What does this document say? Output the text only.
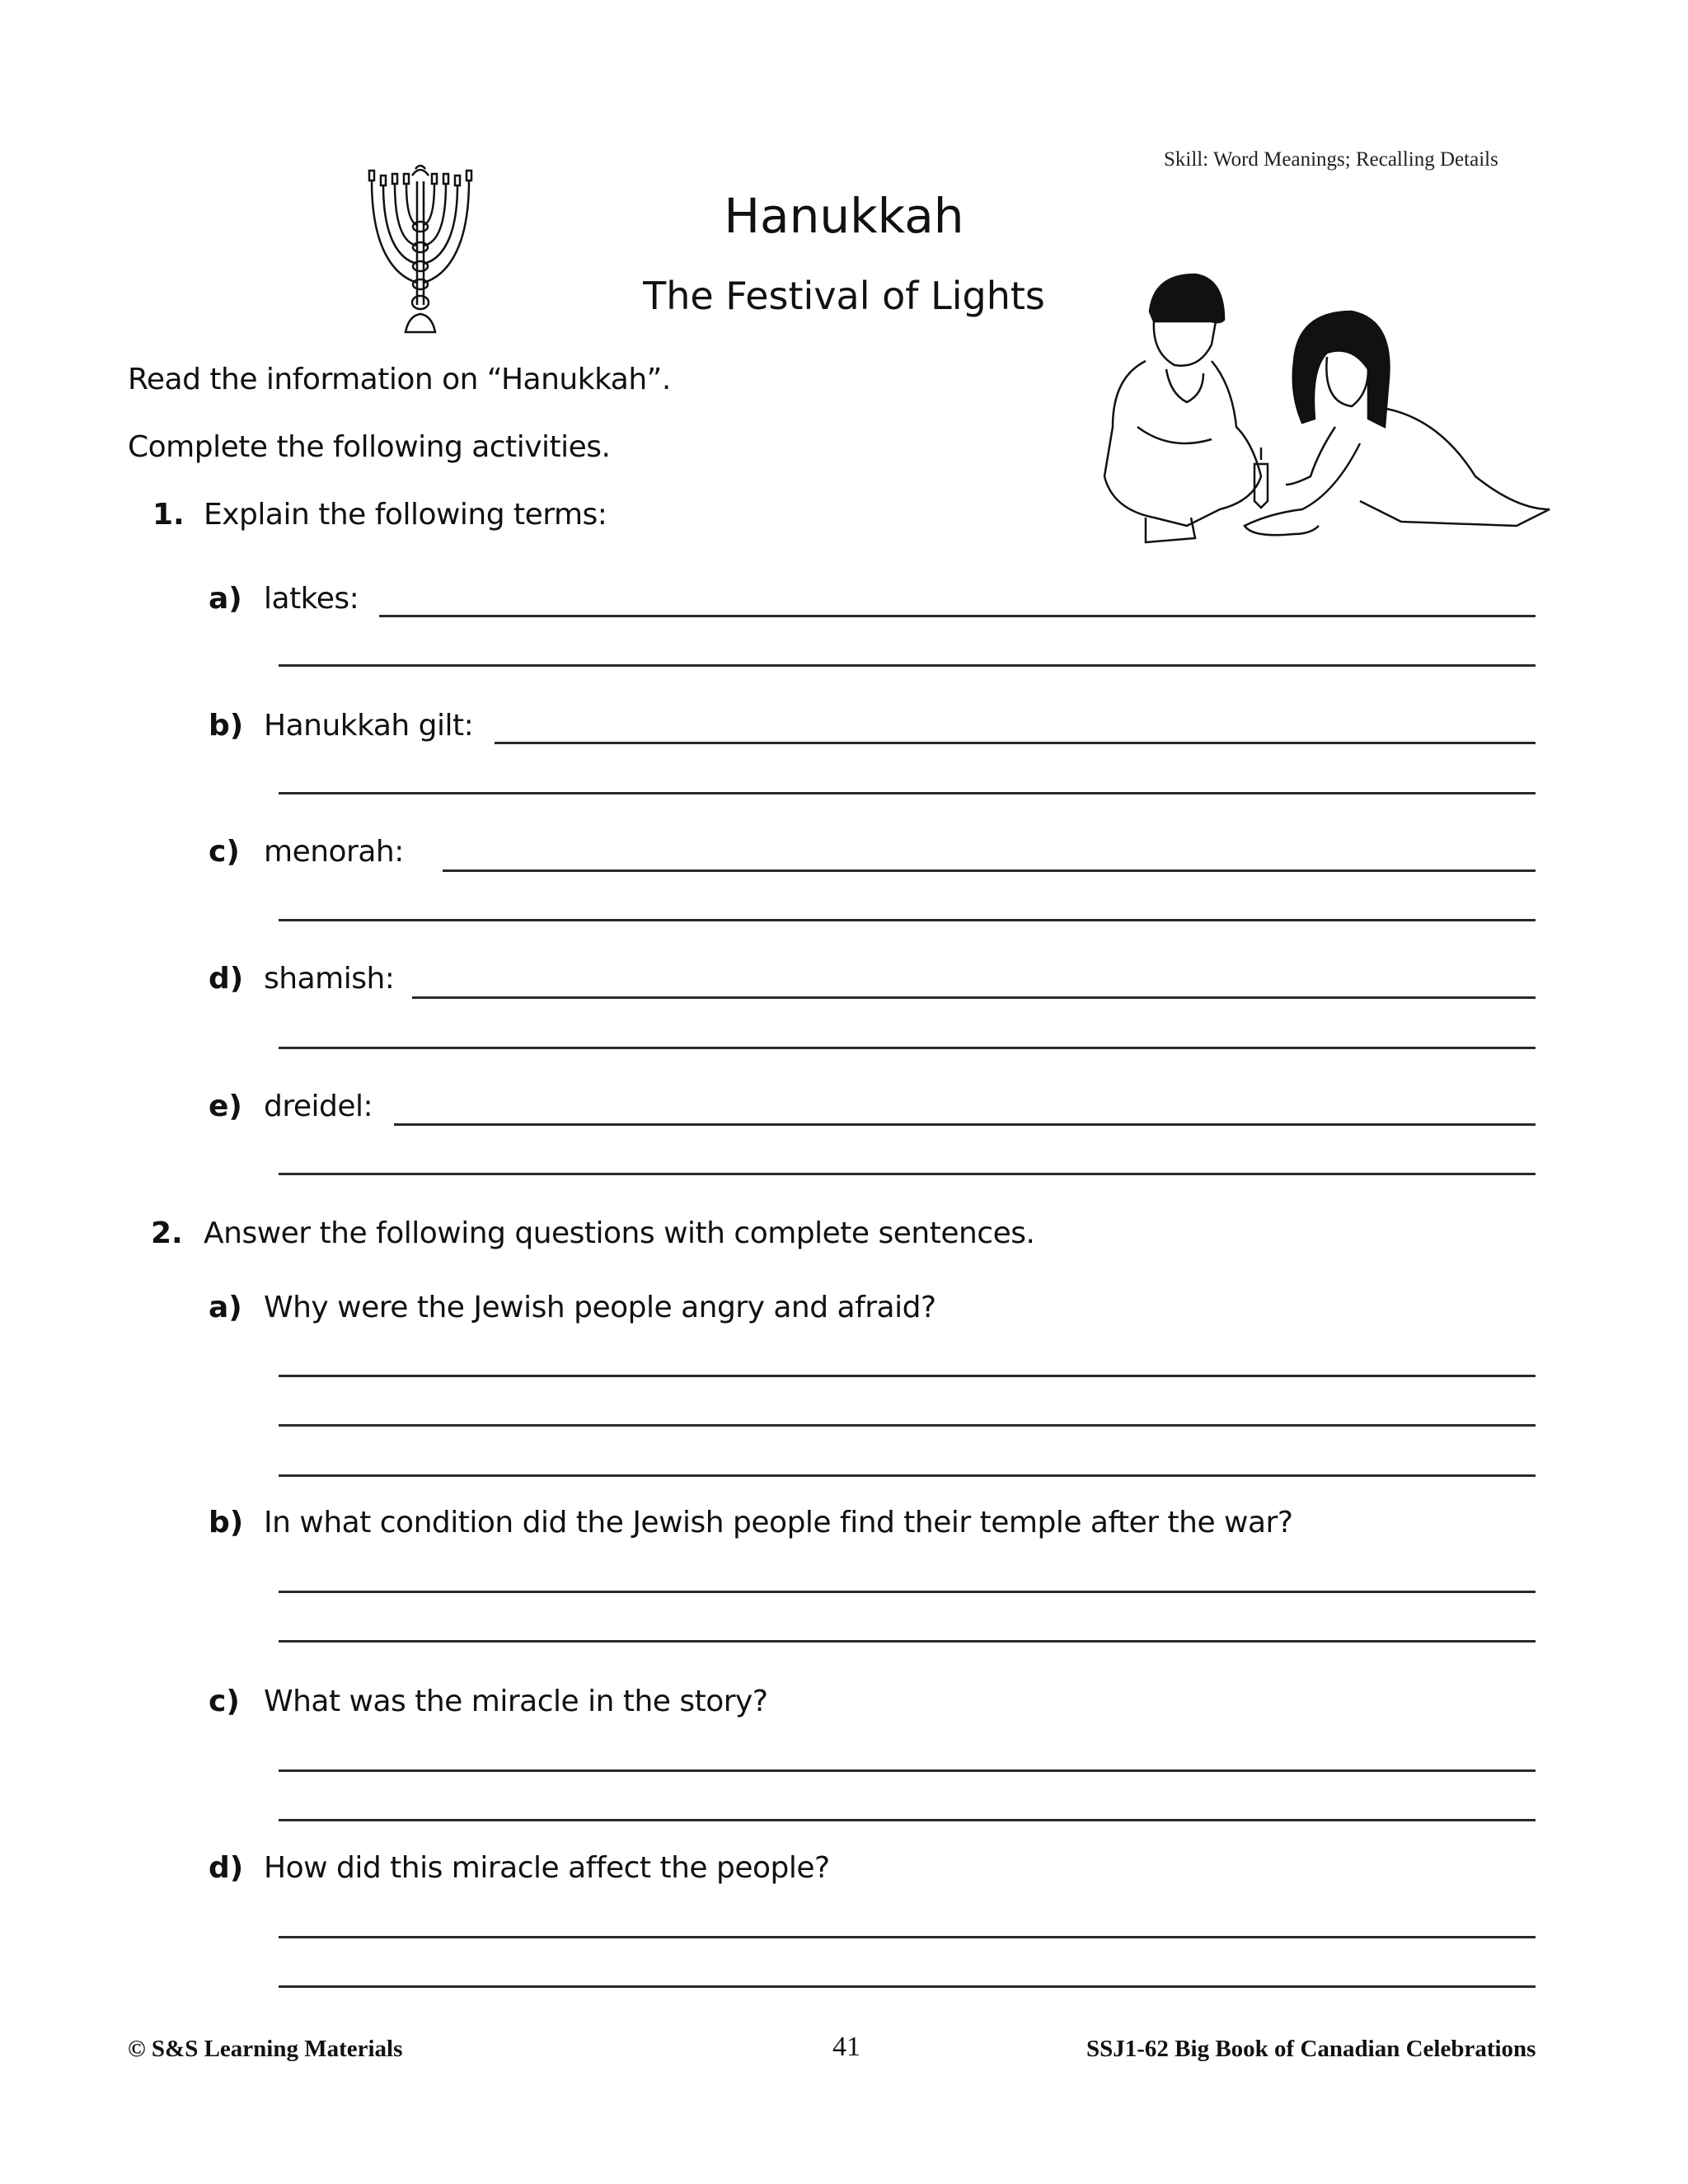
Skill: Word Meanings; Recalling Details
Hanukkah
The Festival of Lights
Read the information on “Hanukkah”.
Complete the following activities.
1. Explain the following terms:
a) latkes:
b) Hanukkah gilt:
c) menorah:
d) shamish:
e) dreidel:
2. Answer the following questions with complete sentences.
a) Why were the Jewish people angry and afraid?
b) In what condition did the Jewish people find their temple after the war?
c) What was the miracle in the story?
d) How did this miracle affect the people?
© S&S Learning Materials	41	SSJ1-62 Big Book of Canadian Celebrations
